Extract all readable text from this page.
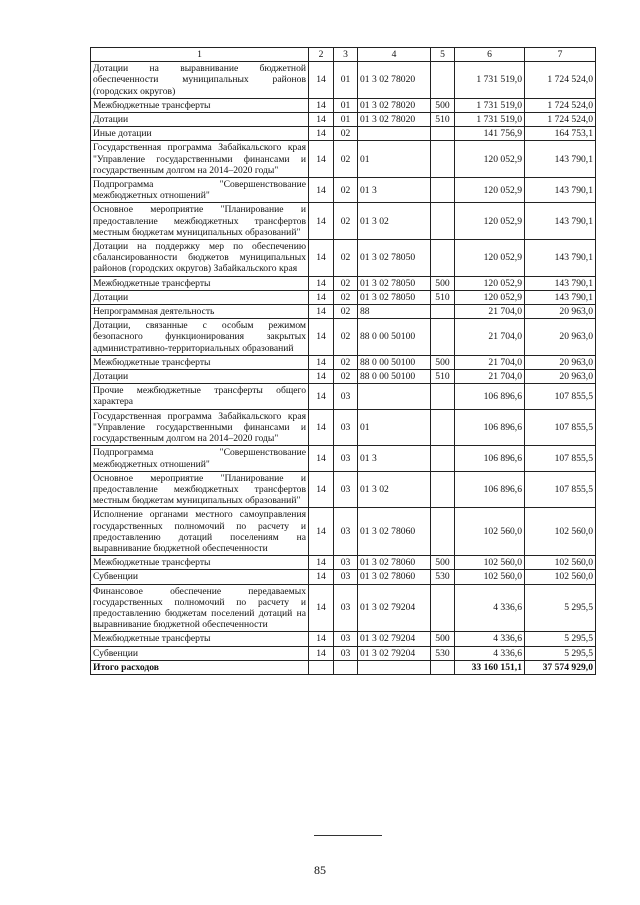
1	2	3	4	5	6	7
Дотации на выравнивание бюджетной обеспеченности муниципальных районов (городских округов)	14	01	01 3 02 78020		1 731 519,0	1 724 524,0
Межбюджетные трансферты	14	01	01 3 02 78020	500	1 731 519,0	1 724 524,0
Дотации	14	01	01 3 02 78020	510	1 731 519,0	1 724 524,0
Иные дотации	14	02			141 756,9	164 753,1
Государственная программа Забайкальского края "Управление государственными финансами и государственным долгом на 2014–2020 годы"	14	02	01		120 052,9	143 790,1
Подпрограмма "Совершенствование межбюджетных отношений"	14	02	01 3		120 052,9	143 790,1
Основное мероприятие "Планирование и предоставление межбюджетных трансфертов местным бюджетам муниципальных образований"	14	02	01 3 02		120 052,9	143 790,1
Дотации на поддержку мер по обеспечению сбалансированности бюджетов муниципальных районов (городских округов) Забайкальского края	14	02	01 3 02 78050		120 052,9	143 790,1
Межбюджетные трансферты	14	02	01 3 02 78050	500	120 052,9	143 790,1
Дотации	14	02	01 3 02 78050	510	120 052,9	143 790,1
Непрограммная деятельность	14	02	88		21 704,0	20 963,0
Дотации, связанные с особым режимом безопасного функционирования закрытых административно-территориальных образований	14	02	88 0 00 50100		21 704,0	20 963,0
Межбюджетные трансферты	14	02	88 0 00 50100	500	21 704,0	20 963,0
Дотации	14	02	88 0 00 50100	510	21 704,0	20 963,0
Прочие межбюджетные трансферты общего характера	14	03			106 896,6	107 855,5
Государственная программа Забайкальского края "Управление государственными финансами и государственным долгом на 2014–2020 годы"	14	03	01		106 896,6	107 855,5
Подпрограмма "Совершенствование межбюджетных отношений"	14	03	01 3		106 896,6	107 855,5
Основное мероприятие "Планирование и предоставление межбюджетных трансфертов местным бюджетам муниципальных образований"	14	03	01 3 02		106 896,6	107 855,5
Исполнение органами местного самоуправления государственных полномочий по расчету и предоставлению дотаций поселениям на выравнивание бюджетной обеспеченности	14	03	01 3 02 78060		102 560,0	102 560,0
Межбюджетные трансферты	14	03	01 3 02 78060	500	102 560,0	102 560,0
Субвенции	14	03	01 3 02 78060	530	102 560,0	102 560,0
Финансовое обеспечение передаваемых государственных полномочий по расчету и предоставлению бюджетам поселений дотаций на выравнивание бюджетной обеспеченности	14	03	01 3 02 79204		4 336,6	5 295,5
Межбюджетные трансферты	14	03	01 3 02 79204	500	4 336,6	5 295,5
Субвенции	14	03	01 3 02 79204	530	4 336,6	5 295,5
Итого расходов					33 160 151,1	37 574 929,0
85
